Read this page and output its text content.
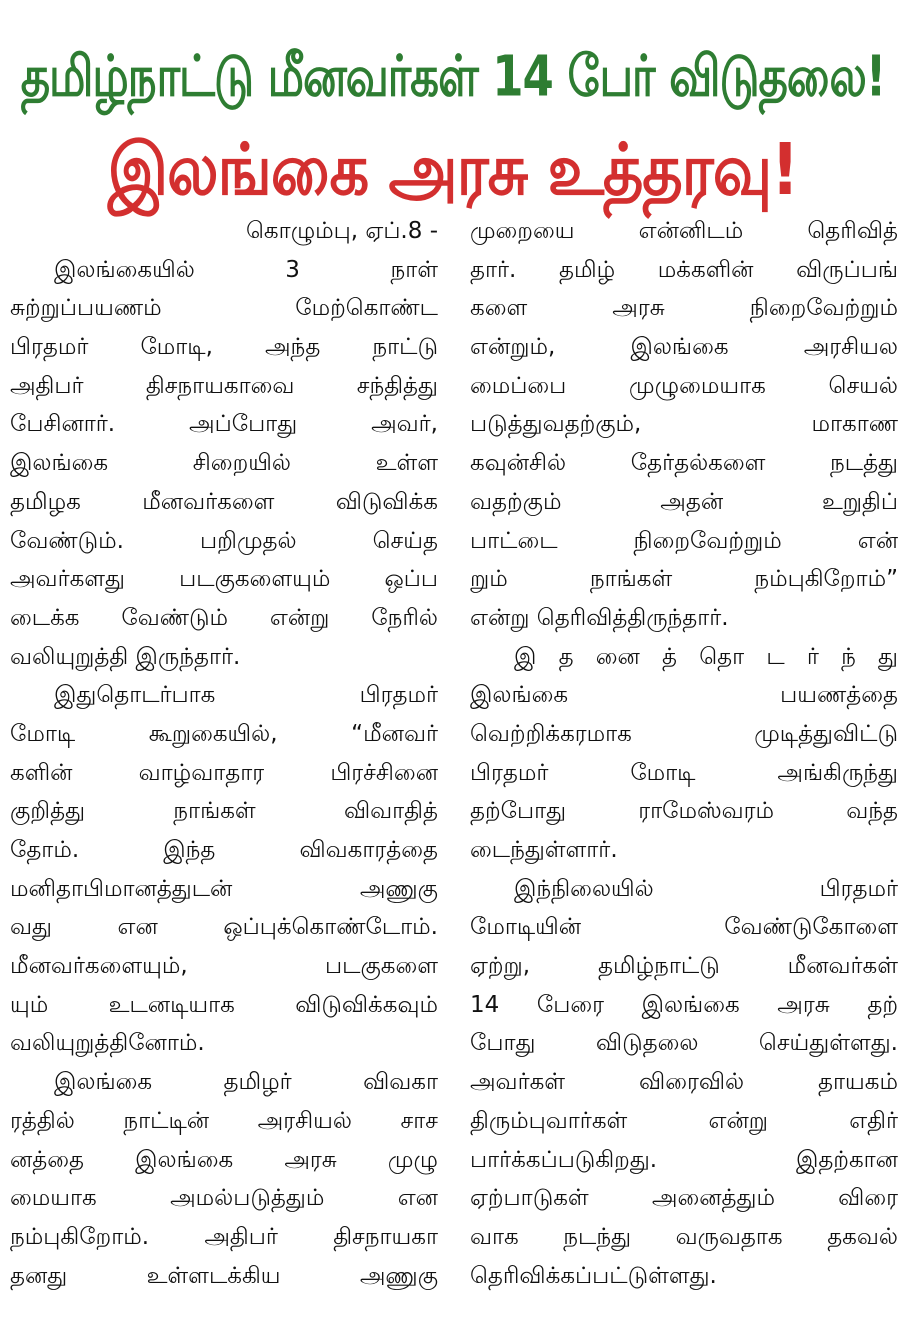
தமிழ்நாட்டு மீனவர்கள் 14 பேர் விடுதலை!
இலங்கை அரசு உத்தரவு!
கொழும்பு, ஏப்.8 -
இலங்கையில் 3 நாள்
சுற்றுப்பயணம் மேற்கொண்ட
பிரதமர் மோடி, அந்த நாட்டு
அதிபர் திசநாயகாவை சந்தித்து
பேசினார். அப்போது அவர்,
இலங்கை சிறையில் உள்ள
தமிழக மீனவர்களை விடுவிக்க
வேண்டும். பறிமுதல் செய்த
அவர்களது படகுகளையும் ஒப்ப
டைக்க வேண்டும் என்று நேரில்
வலியுறுத்தி இருந்தார்.
இதுதொடர்பாக பிரதமர்
மோடி கூறுகையில், “மீனவர்
களின் வாழ்வாதார பிரச்சினை
குறித்து நாங்கள் விவாதித்
தோம். இந்த விவகாரத்தை
மனிதாபிமானத்துடன் அணுகு
வது என ஒப்புக்கொண்டோம்.
மீனவர்களையும், படகுகளை
யும் உடனடியாக விடுவிக்கவும்
வலியுறுத்தினோம்.
இலங்கை தமிழர் விவகா
ரத்தில் நாட்டின் அரசியல் சாச
னத்தை இலங்கை அரசு முழு
மையாக அமல்படுத்தும் என
நம்புகிறோம். அதிபர் திசநாயகா
தனது உள்ளடக்கிய அணுகு
முறையை என்னிடம் தெரிவித்
தார். தமிழ் மக்களின் விருப்பங்
களை அரசு நிறைவேற்றும்
என்றும், இலங்கை அரசியல
மைப்பை முழுமையாக செயல்
படுத்துவதற்கும், மாகாண
கவுன்சில் தேர்தல்களை நடத்து
வதற்கும் அதன் உறுதிப்
பாட்டை நிறைவேற்றும் என்
றும் நாங்கள் நம்புகிறோம்”
என்று தெரிவித்திருந்தார்.
இ த னை த் தொ ட ர் ந் து
இலங்கை பயணத்தை
வெற்றிக்கரமாக முடித்துவிட்டு
பிரதமர் மோடி அங்கிருந்து
தற்போது ராமேஸ்வரம் வந்த
டைந்துள்ளார்.
இந்நிலையில் பிரதமர்
மோடியின் வேண்டுகோளை
ஏற்று, தமிழ்நாட்டு மீனவர்கள்
14 பேரை இலங்கை அரசு தற்
போது விடுதலை செய்துள்ளது.
அவர்கள் விரைவில் தாயகம்
திரும்புவார்கள் என்று எதிர்
பார்க்கப்படுகிறது. இதற்கான
ஏற்பாடுகள் அனைத்தும் விரை
வாக நடந்து வருவதாக தகவல்
தெரிவிக்கப்பட்டுள்ளது.
